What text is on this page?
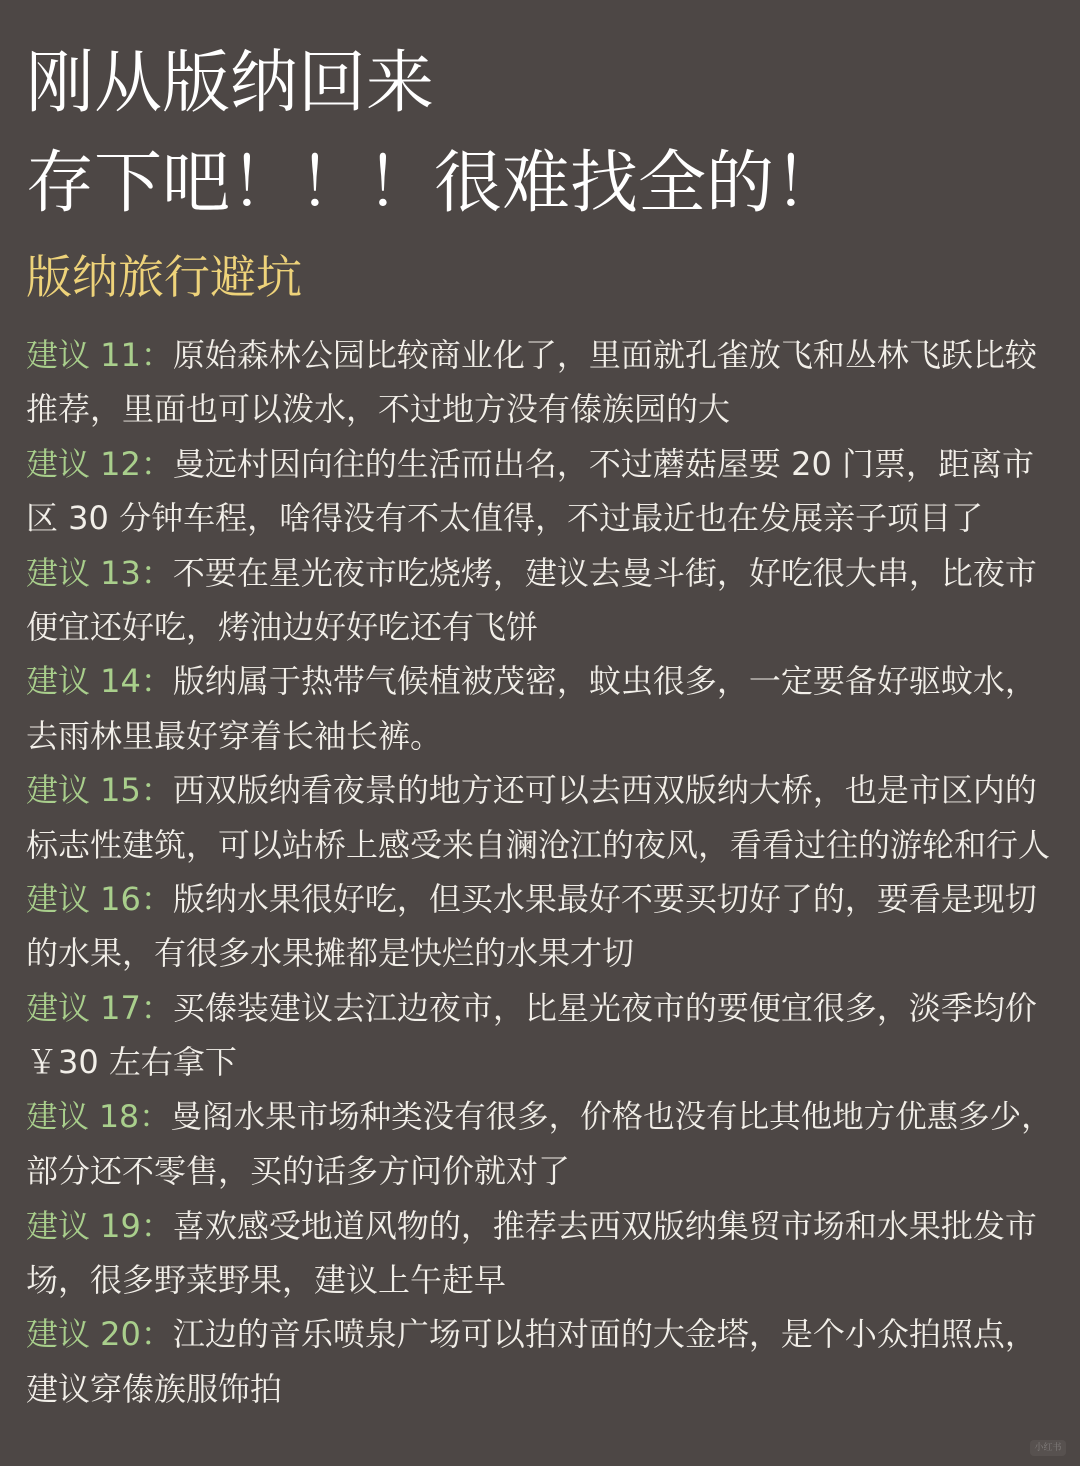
刚从版纳回来
存下吧！！！很难找全的！
版纳旅行避坑
建议 11：原始森林公园比较商业化了，里面就孔雀放飞和丛林飞跃比较
推荐，里面也可以泼水，不过地方没有傣族园的大
建议 12：曼远村因向往的生活而出名，不过蘑菇屋要 20 门票，距离市
区 30 分钟车程，啥得没有不太值得，不过最近也在发展亲子项目了
建议 13：不要在星光夜市吃烧烤，建议去曼斗街，好吃很大串，比夜市
便宜还好吃，烤油边好好吃还有飞饼
建议 14：版纳属于热带气候植被茂密，蚊虫很多，一定要备好驱蚊水，
去雨林里最好穿着长袖长裤。
建议 15：西双版纳看夜景的地方还可以去西双版纳大桥，也是市区内的
标志性建筑，可以站桥上感受来自澜沧江的夜风，看看过往的游轮和行人
建议 16：版纳水果很好吃，但买水果最好不要买切好了的，要看是现切
的水果，有很多水果摊都是快烂的水果才切
建议 17：买傣装建议去江边夜市，比星光夜市的要便宜很多，淡季均价
￥30 左右拿下
建议 18：曼阁水果市场种类没有很多，价格也没有比其他地方优惠多少，
部分还不零售，买的话多方问价就对了
建议 19：喜欢感受地道风物的，推荐去西双版纳集贸市场和水果批发市
场，很多野菜野果，建议上午赶早
建议 20：江边的音乐喷泉广场可以拍对面的大金塔，是个小众拍照点，
建议穿傣族服饰拍
小红书
